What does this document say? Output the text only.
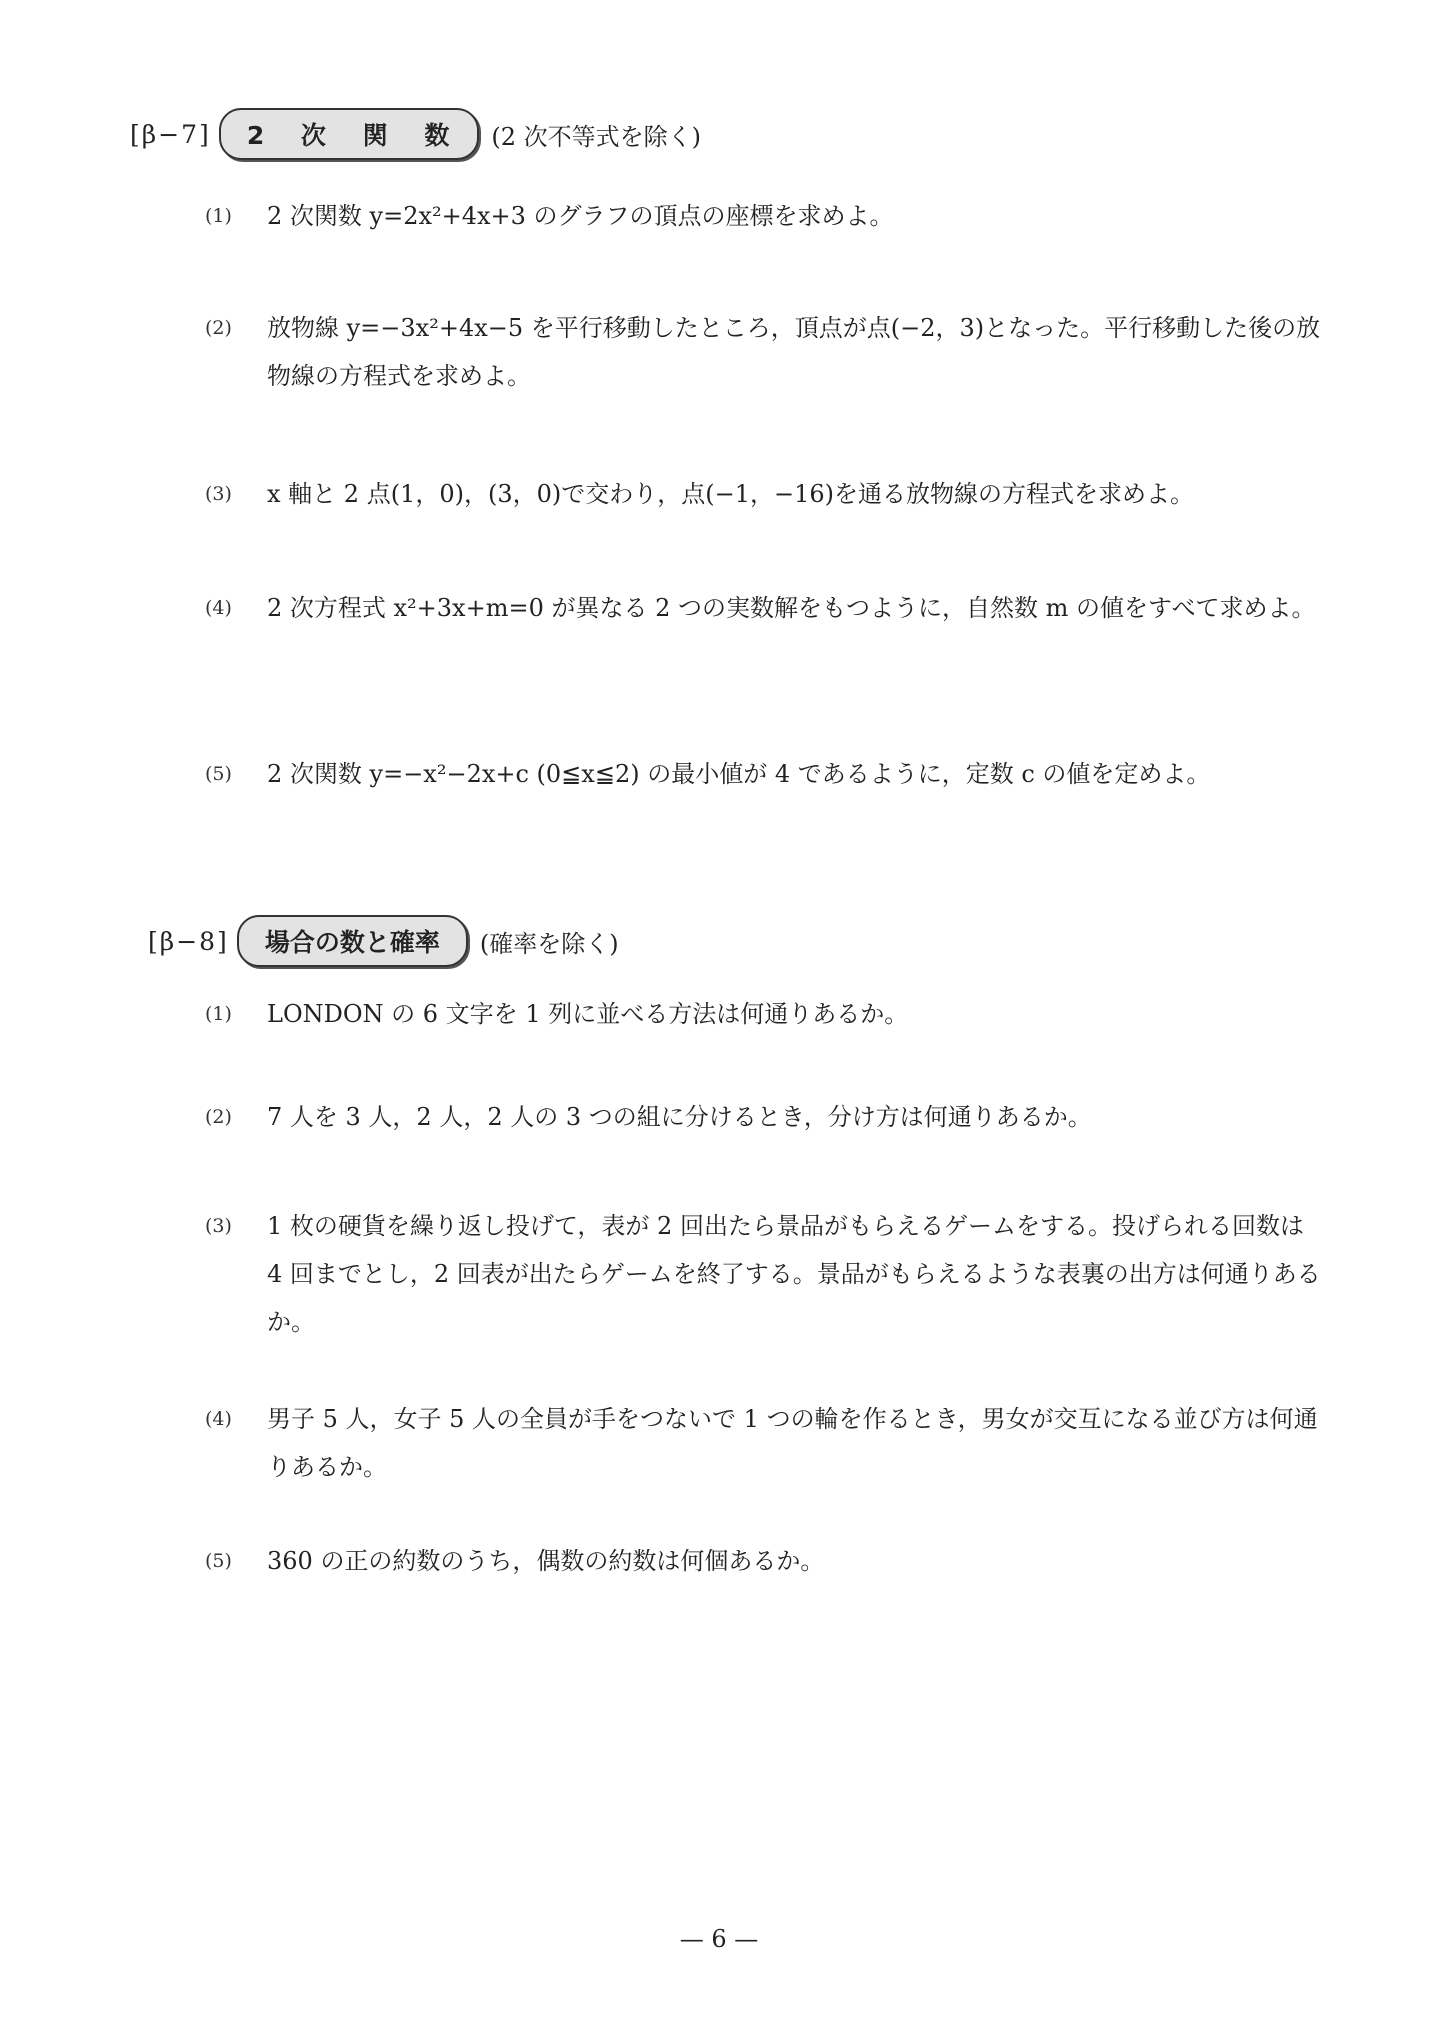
[β−7]	2 次 関 数	(2 次不等式を除く)
(1)	2 次関数 y=2x²+4x+3 のグラフの頂点の座標を求めよ。
(2)	放物線 y=−3x²+4x−5 を平行移動したところ，頂点が点(−2，3)となった。平行移動した後の放物線の方程式を求めよ。
(3)	x 軸と 2 点(1，0)，(3，0)で交わり，点(−1，−16)を通る放物線の方程式を求めよ。
(4)	2 次方程式 x²+3x+m=0 が異なる 2 つの実数解をもつように，自然数 m の値をすべて求めよ。
(5)	2 次関数 y=−x²−2x+c (0≦x≦2) の最小値が 4 であるように，定数 c の値を定めよ。
[β−8]	場合の数と確率	(確率を除く)
(1)	LONDON の 6 文字を 1 列に並べる方法は何通りあるか。
(2)	7 人を 3 人，2 人，2 人の 3 つの組に分けるとき，分け方は何通りあるか。
(3)	1 枚の硬貨を繰り返し投げて，表が 2 回出たら景品がもらえるゲームをする。投げられる回数は 4 回までとし，2 回表が出たらゲームを終了する。景品がもらえるような表裏の出方は何通りあるか。
(4)	男子 5 人，女子 5 人の全員が手をつないで 1 つの輪を作るとき，男女が交互になる並び方は何通りあるか。
(5)	360 の正の約数のうち，偶数の約数は何個あるか。
— 6 —
